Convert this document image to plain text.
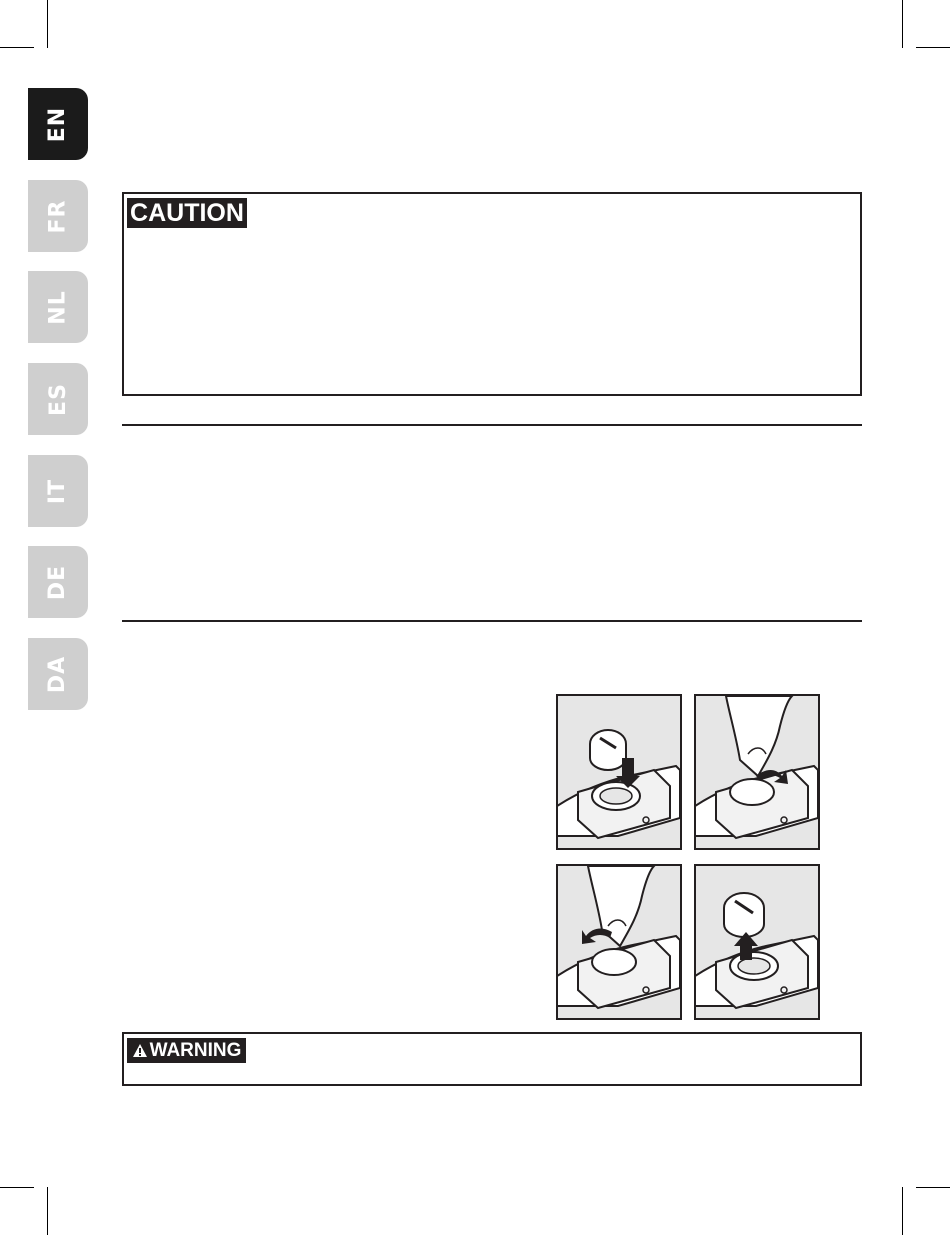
EN
FR
NL
ES
IT
DE
DA
CAUTION
WARNING
